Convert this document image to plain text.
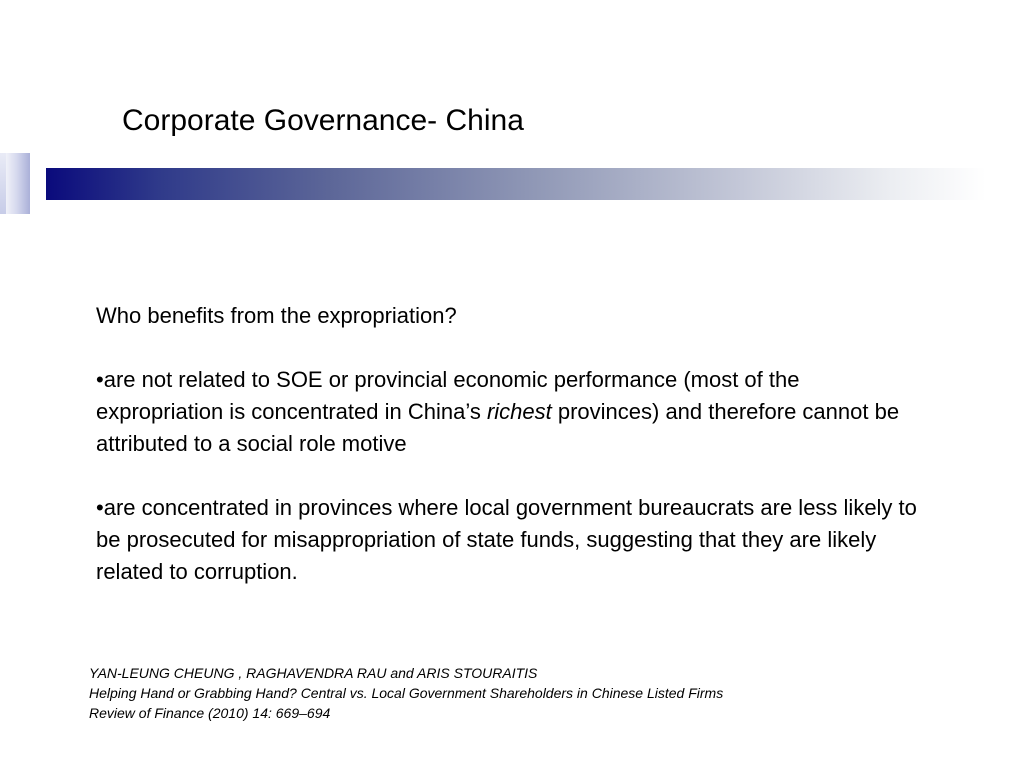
Corporate Governance- China

Who benefits from the expropriation?

•are not related to SOE or provincial economic performance (most of the expropriation is concentrated in China’s richest provinces) and therefore cannot be attributed to a social role motive

•are concentrated in provinces where local government bureaucrats are less likely to be prosecuted for misappropriation of state funds, suggesting that they are likely related to corruption.

YAN-LEUNG CHEUNG , RAGHAVENDRA RAU and ARIS STOURAITIS
Helping Hand or Grabbing Hand? Central vs. Local Government Shareholders in Chinese Listed Firms
Review of Finance (2010) 14: 669–694
